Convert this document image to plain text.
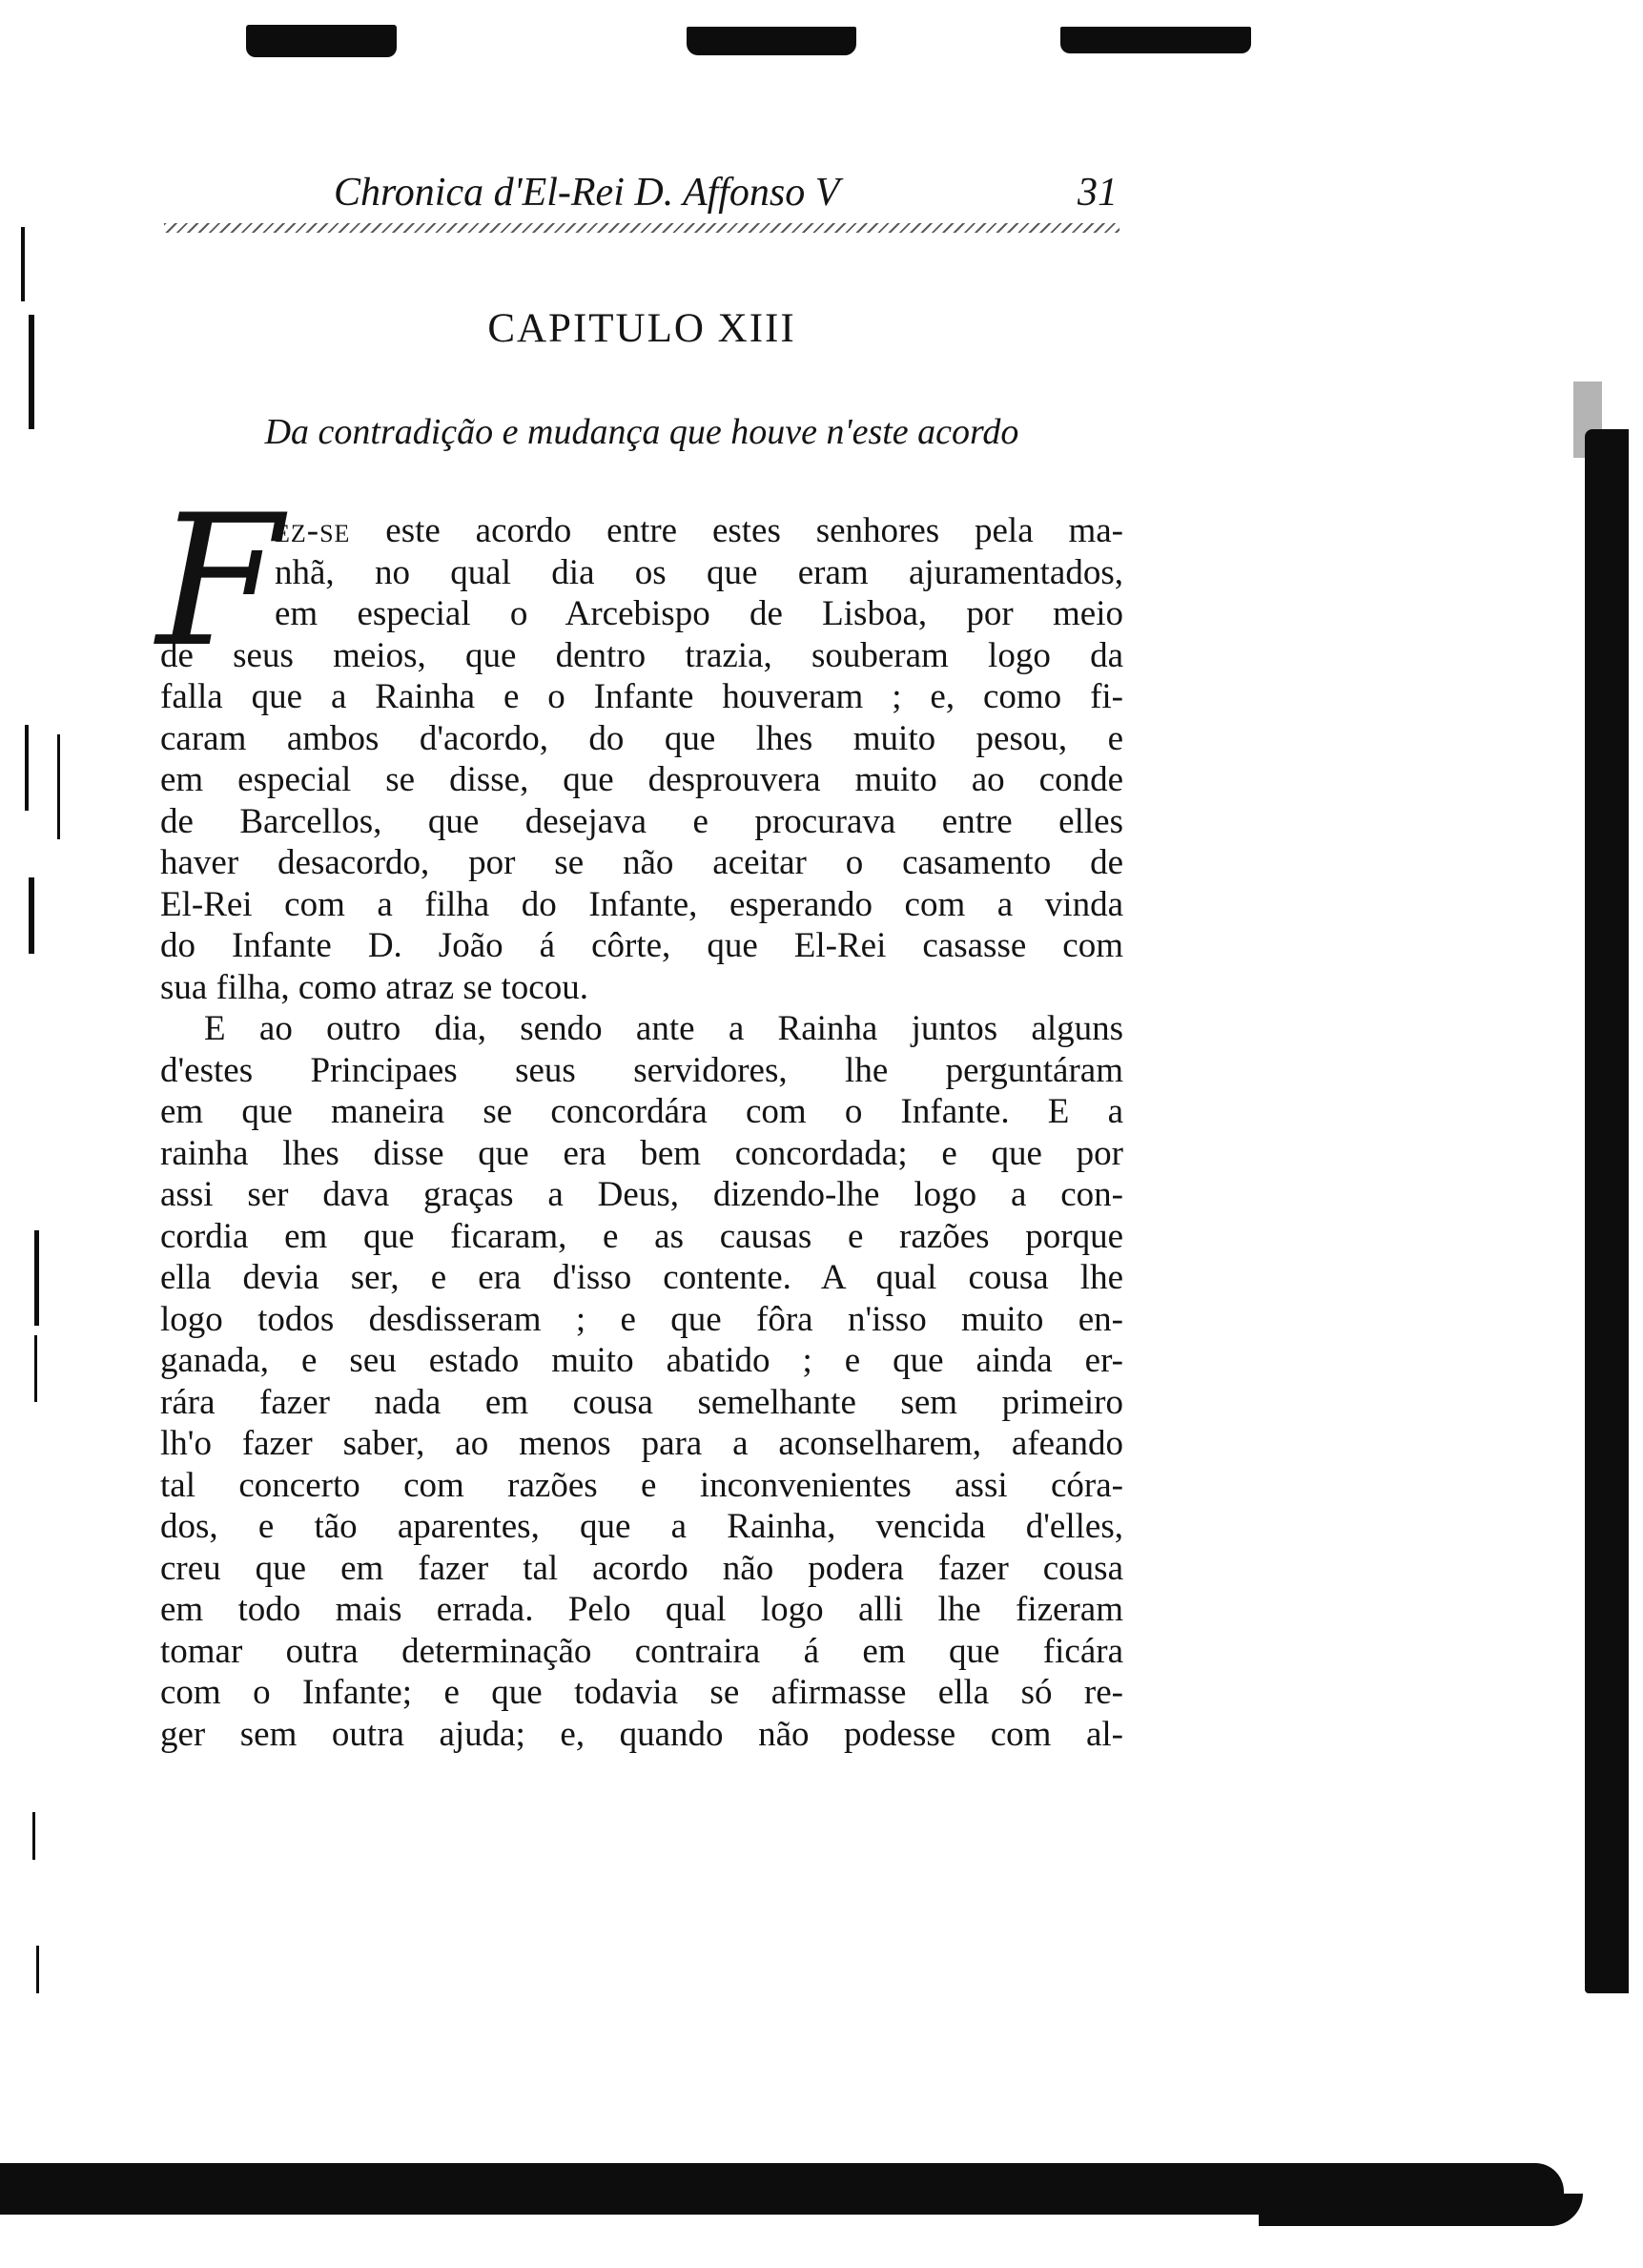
Chronica d'El-Rei D. Affonso V	31
CAPITULO XIII
Da contradição e mudança que houve n'este acordo
F
ez-se este acordo entre estes senhores pela ma-
nhã, no qual dia os que eram ajuramentados,
em especial o Arcebispo de Lisboa, por meio
de seus meios, que dentro trazia, souberam logo da
falla que a Rainha e o Infante houveram ; e, como fi-
caram ambos d'acordo, do que lhes muito pesou, e
em especial se disse, que desprouvera muito ao conde
de Barcellos, que desejava e procurava entre elles
haver desacordo, por se não aceitar o casamento de
El-Rei com a filha do Infante, esperando com a vinda
do Infante D. João á côrte, que El-Rei casasse com
sua filha, como atraz se tocou.
E ao outro dia, sendo ante a Rainha juntos alguns
d'estes Principaes seus servidores, lhe perguntáram
em que maneira se concordára com o Infante. E a
rainha lhes disse que era bem concordada; e que por
assi ser dava graças a Deus, dizendo-lhe logo a con-
cordia em que ficaram, e as causas e razões porque
ella devia ser, e era d'isso contente. A qual cousa lhe
logo todos desdisseram ; e que fôra n'isso muito en-
ganada, e seu estado muito abatido ; e que ainda er-
rára fazer nada em cousa semelhante sem primeiro
lh'o fazer saber, ao menos para a aconselharem, afeando
tal concerto com razões e inconvenientes assi córa-
dos, e tão aparentes, que a Rainha, vencida d'elles,
creu que em fazer tal acordo não podera fazer cousa
em todo mais errada. Pelo qual logo alli lhe fizeram
tomar outra determinação contraira á em que ficára
com o Infante; e que todavia se afirmasse ella só re-
ger sem outra ajuda; e, quando não podesse com al-
